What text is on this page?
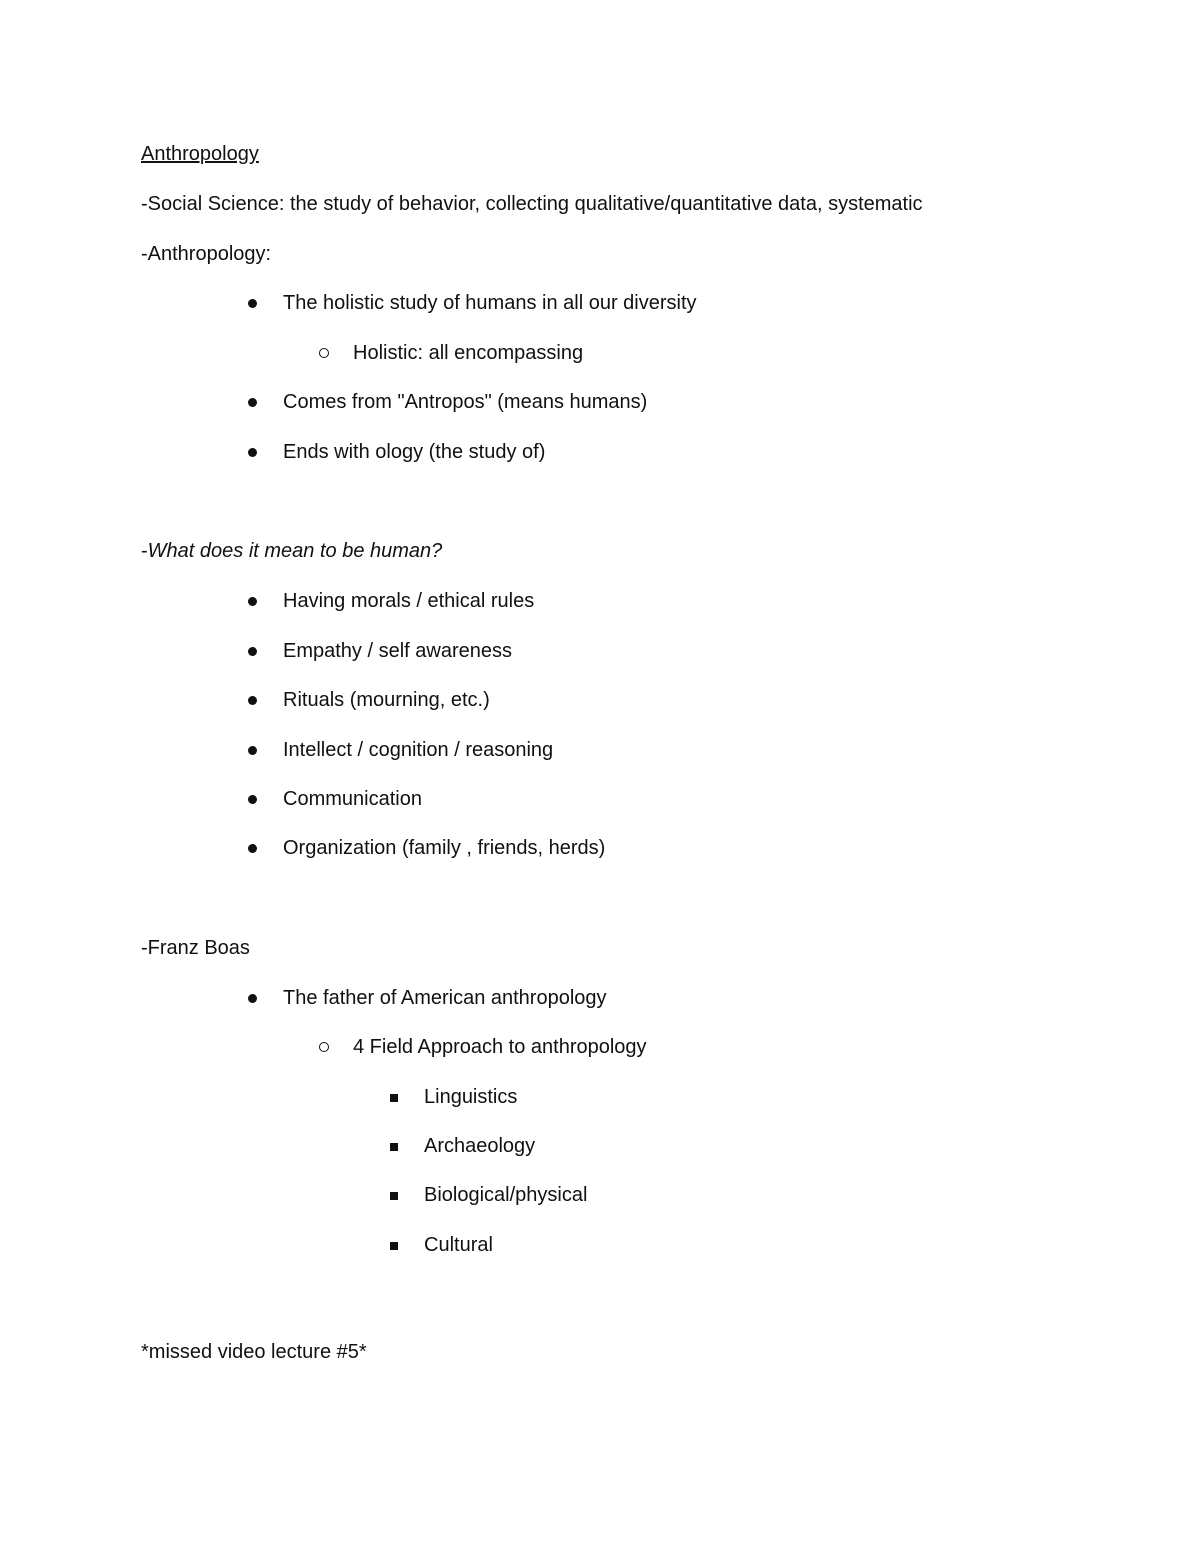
Anthropology
-Social Science: the study of behavior, collecting qualitative/quantitative data, systematic
-Anthropology:
The holistic study of humans in all our diversity
Holistic: all encompassing
Comes from "Antropos" (means humans)
Ends with ology (the study of)
-What does it mean to be human?
Having morals / ethical rules
Empathy / self awareness
Rituals (mourning, etc.)
Intellect / cognition / reasoning
Communication
Organization (family , friends, herds)
-Franz Boas
The father of American anthropology
4 Field Approach to anthropology
Linguistics
Archaeology
Biological/physical
Cultural
*missed video lecture #5*
